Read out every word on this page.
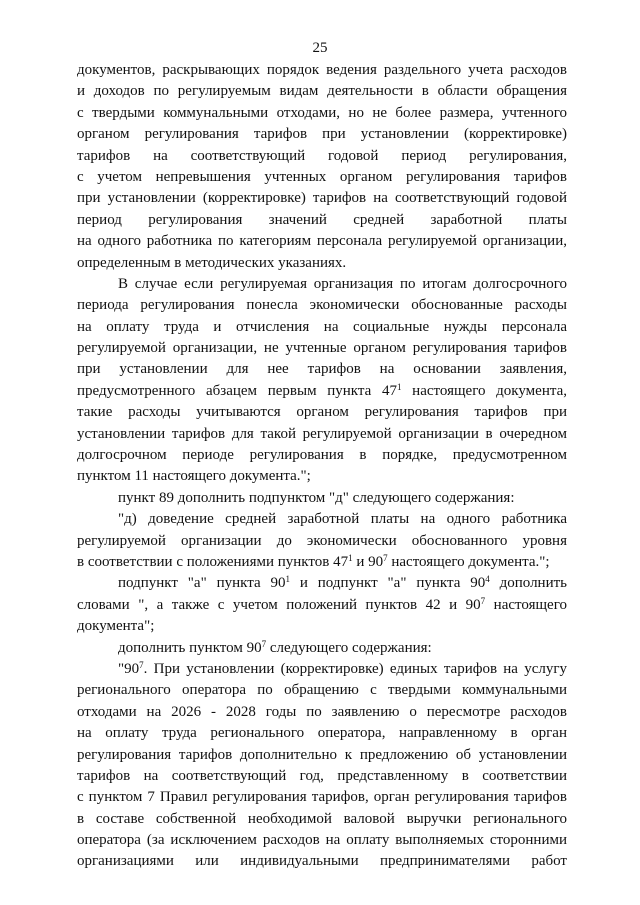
25
документов, раскрывающих порядок ведения раздельного учета расходов
и доходов по регулируемым видам деятельности в области обращения
с твердыми коммунальными отходами, но не более размера, учтенного
органом регулирования тарифов при установлении (корректировке)
тарифов на соответствующий годовой период регулирования,
с учетом непревышения учтенных органом регулирования тарифов
при установлении (корректировке) тарифов на соответствующий годовой
период регулирования значений средней заработной платы
на одного работника по категориям персонала регулируемой организации,
определенным в методических указаниях.
В случае если регулируемая организация по итогам долгосрочного
периода регулирования понесла экономически обоснованные расходы
на оплату труда и отчисления на социальные нужды персонала
регулируемой организации, не учтенные органом регулирования тарифов
при установлении для нее тарифов на основании заявления,
предусмотренного абзацем первым пункта $47^1$ настоящего документа,
такие расходы учитываются органом регулирования тарифов при
установлении тарифов для такой регулируемой организации в очередном
долгосрочном периоде регулирования в порядке, предусмотренном
пунктом 11 настоящего документа.";
пункт 89 дополнить подпунктом "д" следующего содержания:
"д) доведение средней заработной платы на одного работника
регулируемой организации до экономически обоснованного уровня
в соответствии с положениями пунктов $47^1$ и $90^7$ настоящего документа.";
подпункт "а" пункта $90^1$ и подпункт "а" пункта $90^4$ дополнить
словами ", а также с учетом положений пунктов 42 и $90^7$ настоящего
документа";
дополнить пунктом $90^7$ следующего содержания:
"$90^7$. При установлении (корректировке) единых тарифов на услугу
регионального оператора по обращению с твердыми коммунальными
отходами на 2026 - 2028 годы по заявлению о пересмотре расходов
на оплату труда регионального оператора, направленному в орган
регулирования тарифов дополнительно к предложению об установлении
тарифов на соответствующий год, представленному в соответствии
с пунктом 7 Правил регулирования тарифов, орган регулирования тарифов
в составе собственной необходимой валовой выручки регионального
оператора (за исключением расходов на оплату выполняемых сторонними
организациями или индивидуальными предпринимателями работ
